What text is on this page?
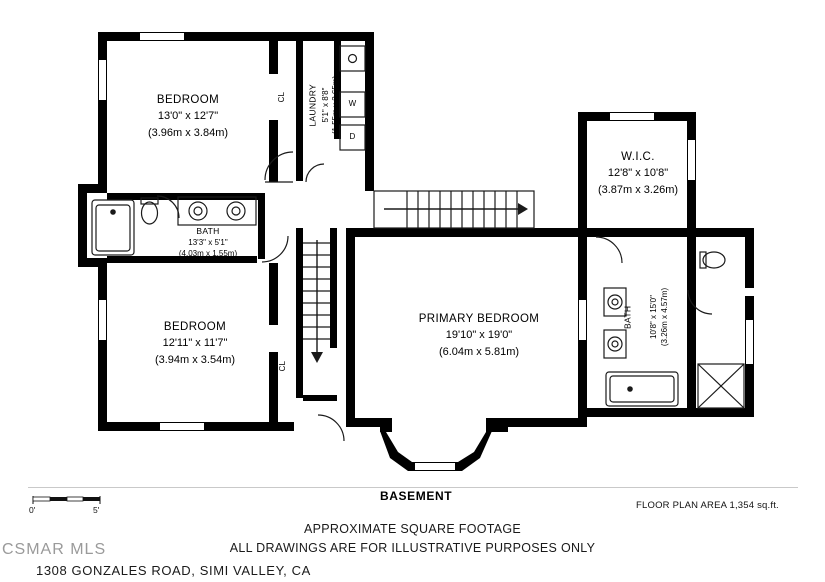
BEDROOM
13'0" x 12'7"
(3.96m x 3.84m)
BEDROOM
12'11" x 11'7"
(3.94m x 3.54m)
PRIMARY BEDROOM
19'10" x 19'0"
(6.04m x 5.81m)
W.I.C.
12'8" x 10'8"
(3.87m x 3.26m)
BATH
13'3" x 5'1"
(4.03m x 1.55m)
BATH 10'8" x 15'0" (3.26m x 4.57m)
LAUNDRY 5'1" x 8'8" (1.55m x 2.65m)
CL
CL
W
D
0'	5'
BASEMENT
FLOOR PLAN AREA 1,354 sq.ft.
APPROXIMATE SQUARE FOOTAGE
ALL DRAWINGS ARE FOR ILLUSTRATIVE PURPOSES ONLY
CSMAR MLS
1308 GONZALES ROAD, SIMI VALLEY, CA
